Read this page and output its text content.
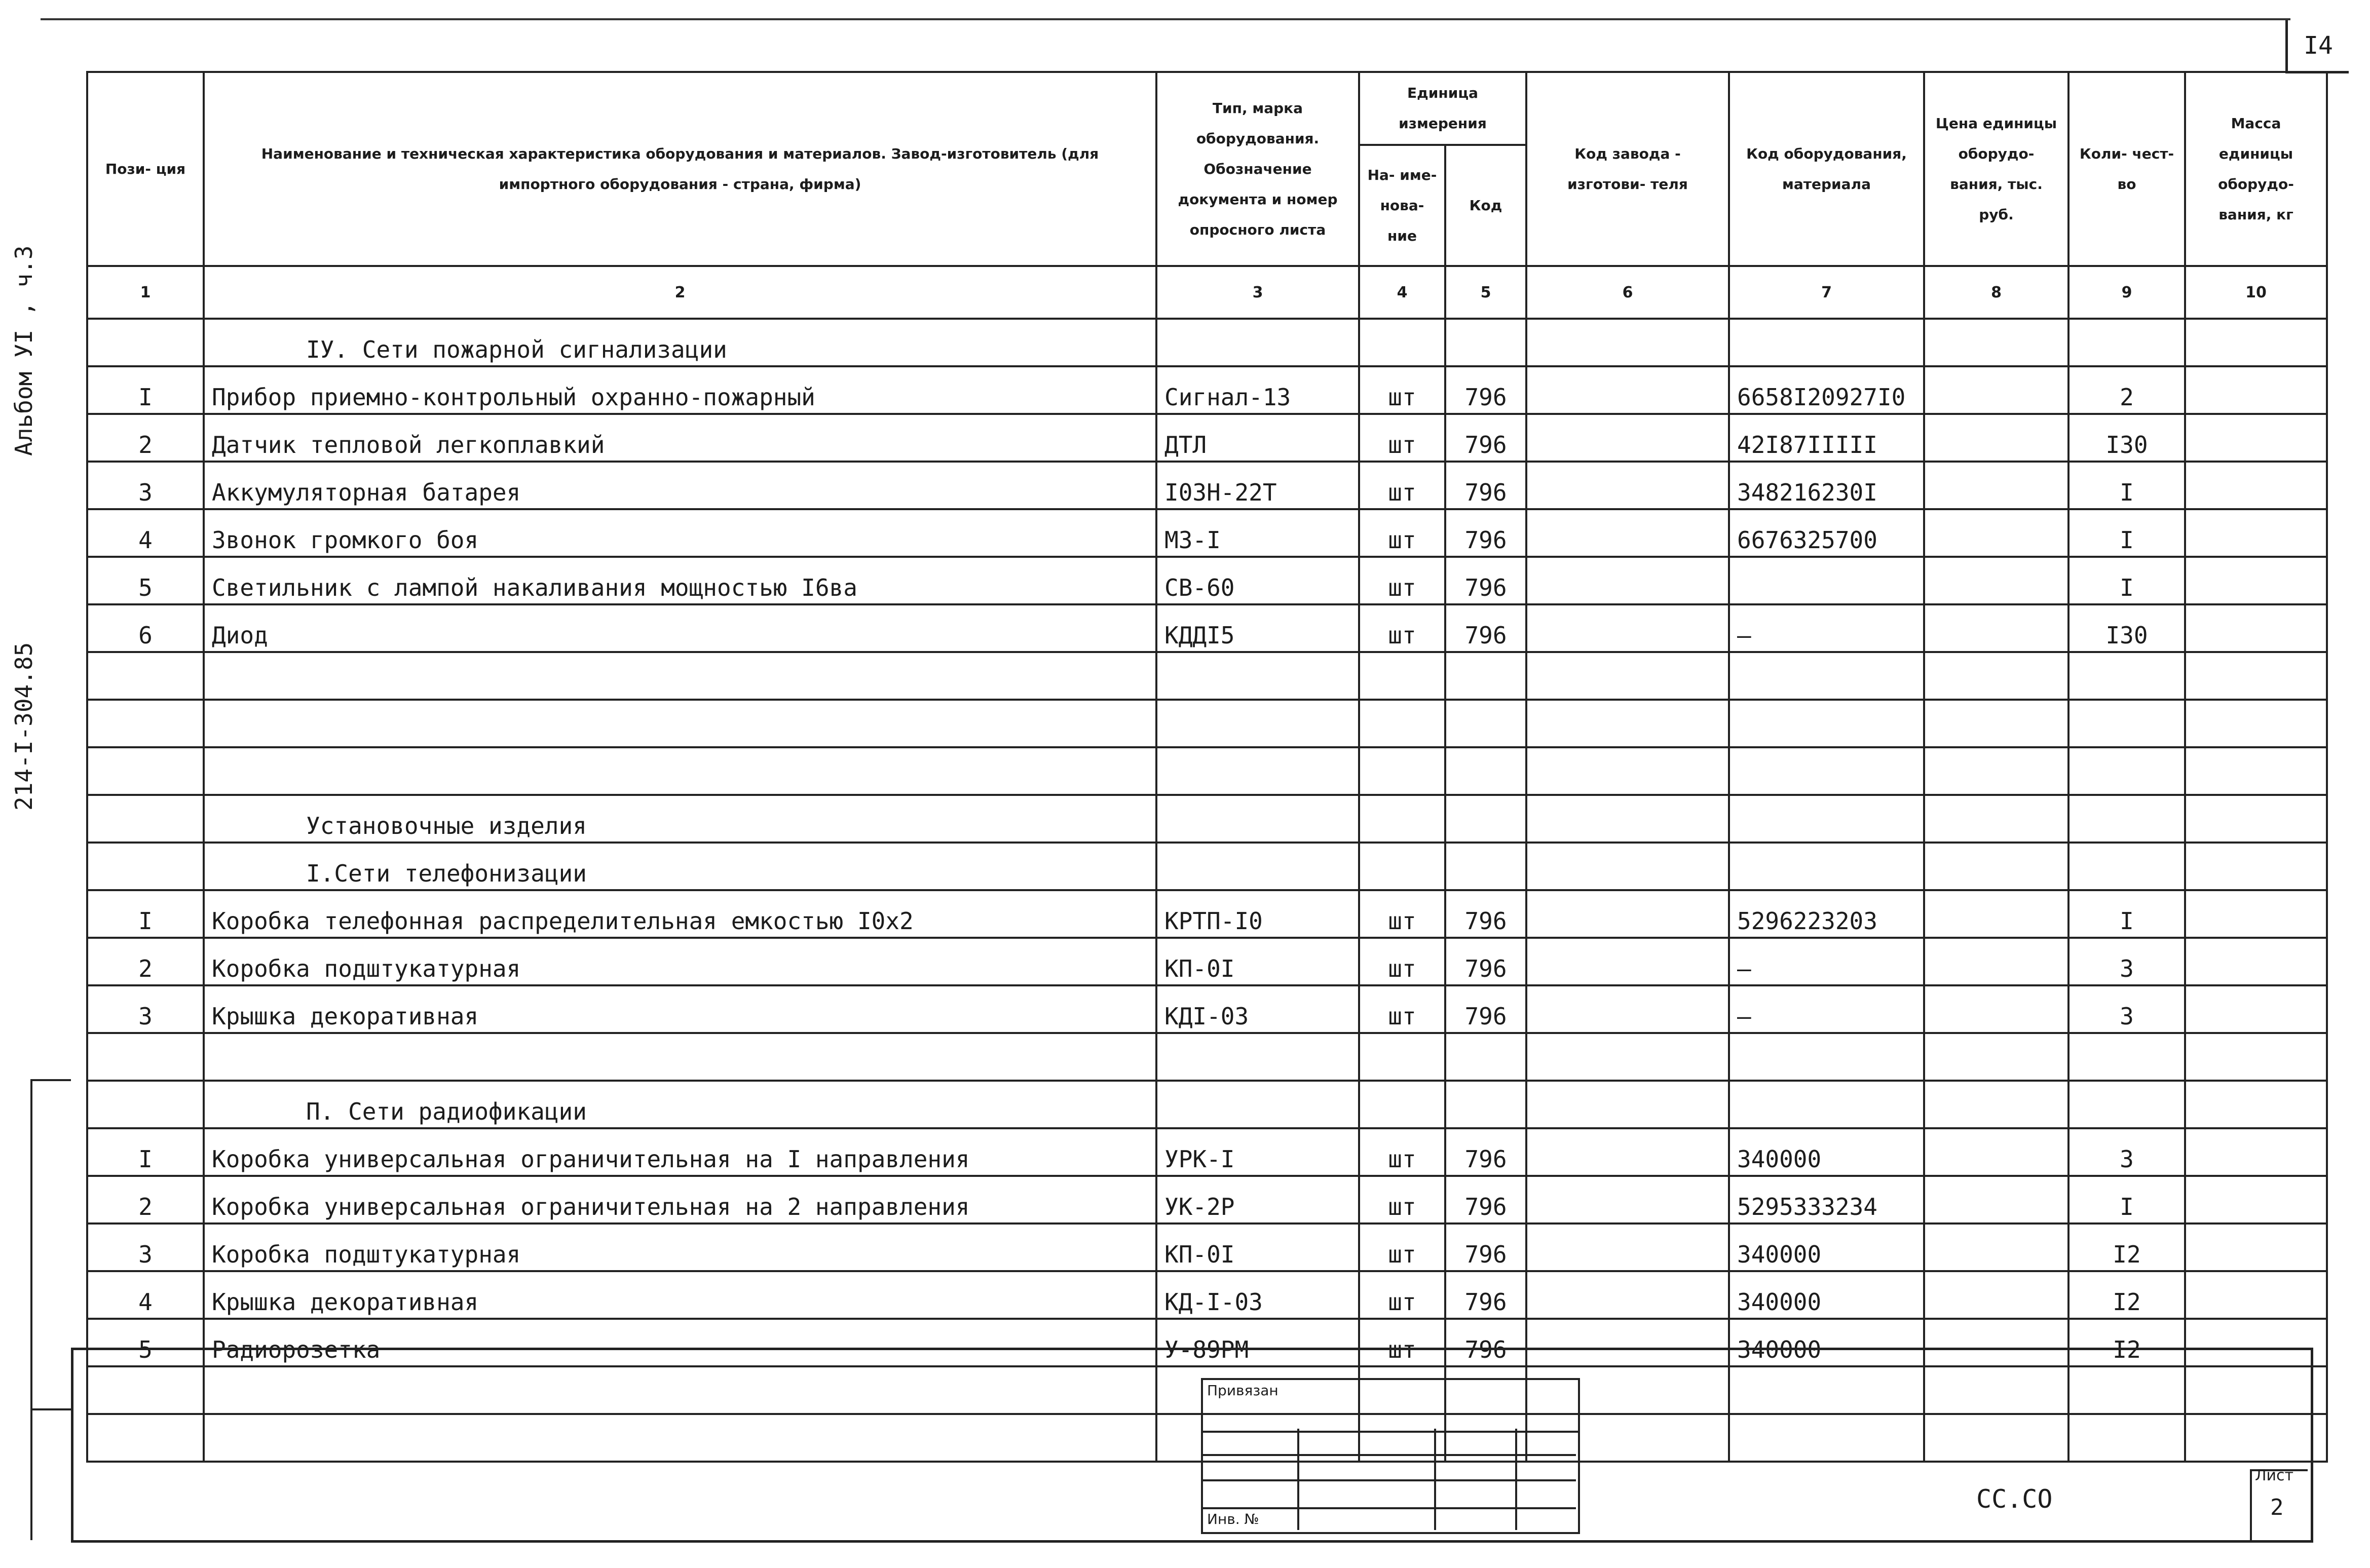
I4
Альбом УI , ч.3
214-I-304.85
Пози- ция	Наименование и техническая характеристика оборудования и материалов. Завод-изготовитель (для импортного оборудования - страна, фирма)	Тип, марка оборудования. Обозначение документа и номер опросного листа	Единица измерения		Код завода - изготови- теля	Код оборудования, материала	Цена единицы оборудо- вания, тыс. руб.	Коли- чест- во	Масса единицы оборудо- вания, кг
			На- име- нова- ние	Код					
1	2	3	4	5	6	7	8	9	10
	IУ. Сети пожарной сигнализации								
I	Прибор приемно-контрольный охранно-пожарный	Сигнал-13	шт	796		6658I20927I0		2	
2	Датчик тепловой легкоплавкий	ДТЛ	шт	796		42I87IIIII		I30	
3	Аккумуляторная батарея	I0ЗН-22Т	шт	796		348216230I		I	
4	Звонок громкого боя	МЗ-I	шт	796		6676325700		I	
5	Светильник с лампой накаливания мощностью I6ва	СВ-60	шт	796				I	
6	Диод	КДДI5	шт	796		–		I30	

	Установочные изделия								
	I.Сети телефонизации								
I	Коробка телефонная распределительная емкостью I0х2	КРТП-I0	шт	796		5296223203		I	
2	Коробка подштукатурная	КП-0I	шт	796		–		3	
3	Крышка декоративная	КДI-03	шт	796		–		3	

	П. Сети радиофикации								
I	Коробка универсальная ограничительная на I направления	УРК-I	шт	796		340000		3	
2	Коробка универсальная ограничительная на 2 направления	УК-2Р	шт	796		5295333234		I	
3	Коробка подштукатурная	КП-0I	шт	796		340000		I2	
4	Крышка декоративная	КД-I-03	шт	796		340000		I2	
5	Радиорозетка	У-89РМ	шт	796		340000		I2	

Привязан
Инв. №
СС.СО
Лист
2
